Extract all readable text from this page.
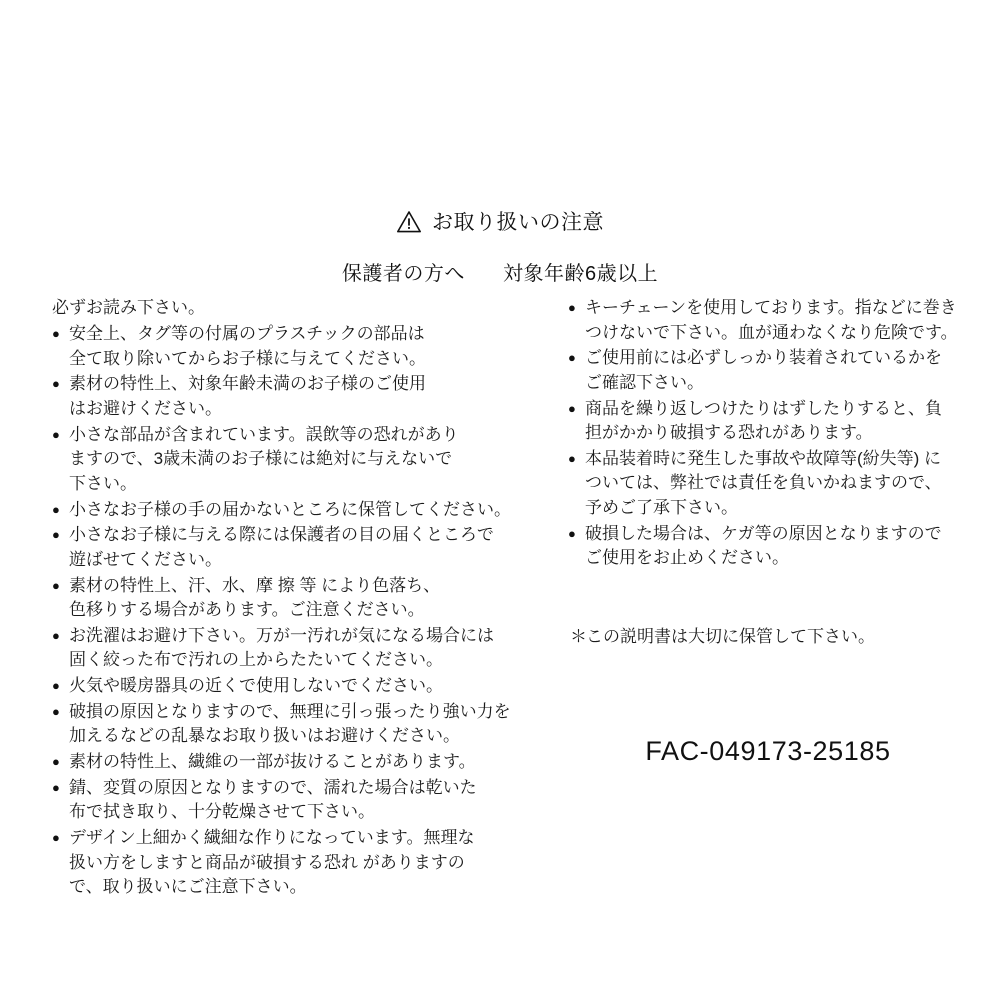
お取り扱いの注意
保護者の方へ 対象年齢6歳以上

必ずお読み下さい。

● 安全上、タグ等の付属のプラスチックの部品は
全て取り除いてからお子様に与えてください。
● 素材の特性上、対象年齢未満のお子様のご使用
はお避けください。
● 小さな部品が含まれています。誤飲等の恐れがあり
ますので、3歳未満のお子様には絶対に与えないで
下さい。
● 小さなお子様の手の届かないところに保管してください。
● 小さなお子様に与える際には保護者の目の届くところで
遊ばせてください。
● 素材の特性上、汗、水、摩 擦 等 により色落ち、
色移りする場合があります。ご注意ください。
● お洗濯はお避け下さい。万が一汚れが気になる場合には
固く絞った布で汚れの上からたたいてください。
● 火気や暖房器具の近くで使用しないでください。
● 破損の原因となりますので、無理に引っ張ったり強い力を
加えるなどの乱暴なお取り扱いはお避けください。
● 素材の特性上、繊維の一部が抜けることがあります。
● 錆、変質の原因となりますので、濡れた場合は乾いた
布で拭き取り、十分乾燥させて下さい。
● デザイン上細かく繊細な作りになっています。無理な
扱い方をしますと商品が破損する恐れ がありますの
で、取り扱いにご注意下さい。
● キーチェーンを使用しております。指などに巻き
つけないで下さい。血が通わなくなり危険です。
● ご使用前には必ずしっかり装着されているかを
ご確認下さい。
● 商品を繰り返しつけたりはずしたりすると、負
担がかかり破損する恐れがあります。
● 本品装着時に発生した事故や故障等(紛失等) に
ついては、弊社では責任を負いかねますので、
予めご了承下さい。
● 破損した場合は、ケガ等の原因となりますので
ご使用をお止めください。
＊この説明書は大切に保管して下さい。
FAC-049173-25185
